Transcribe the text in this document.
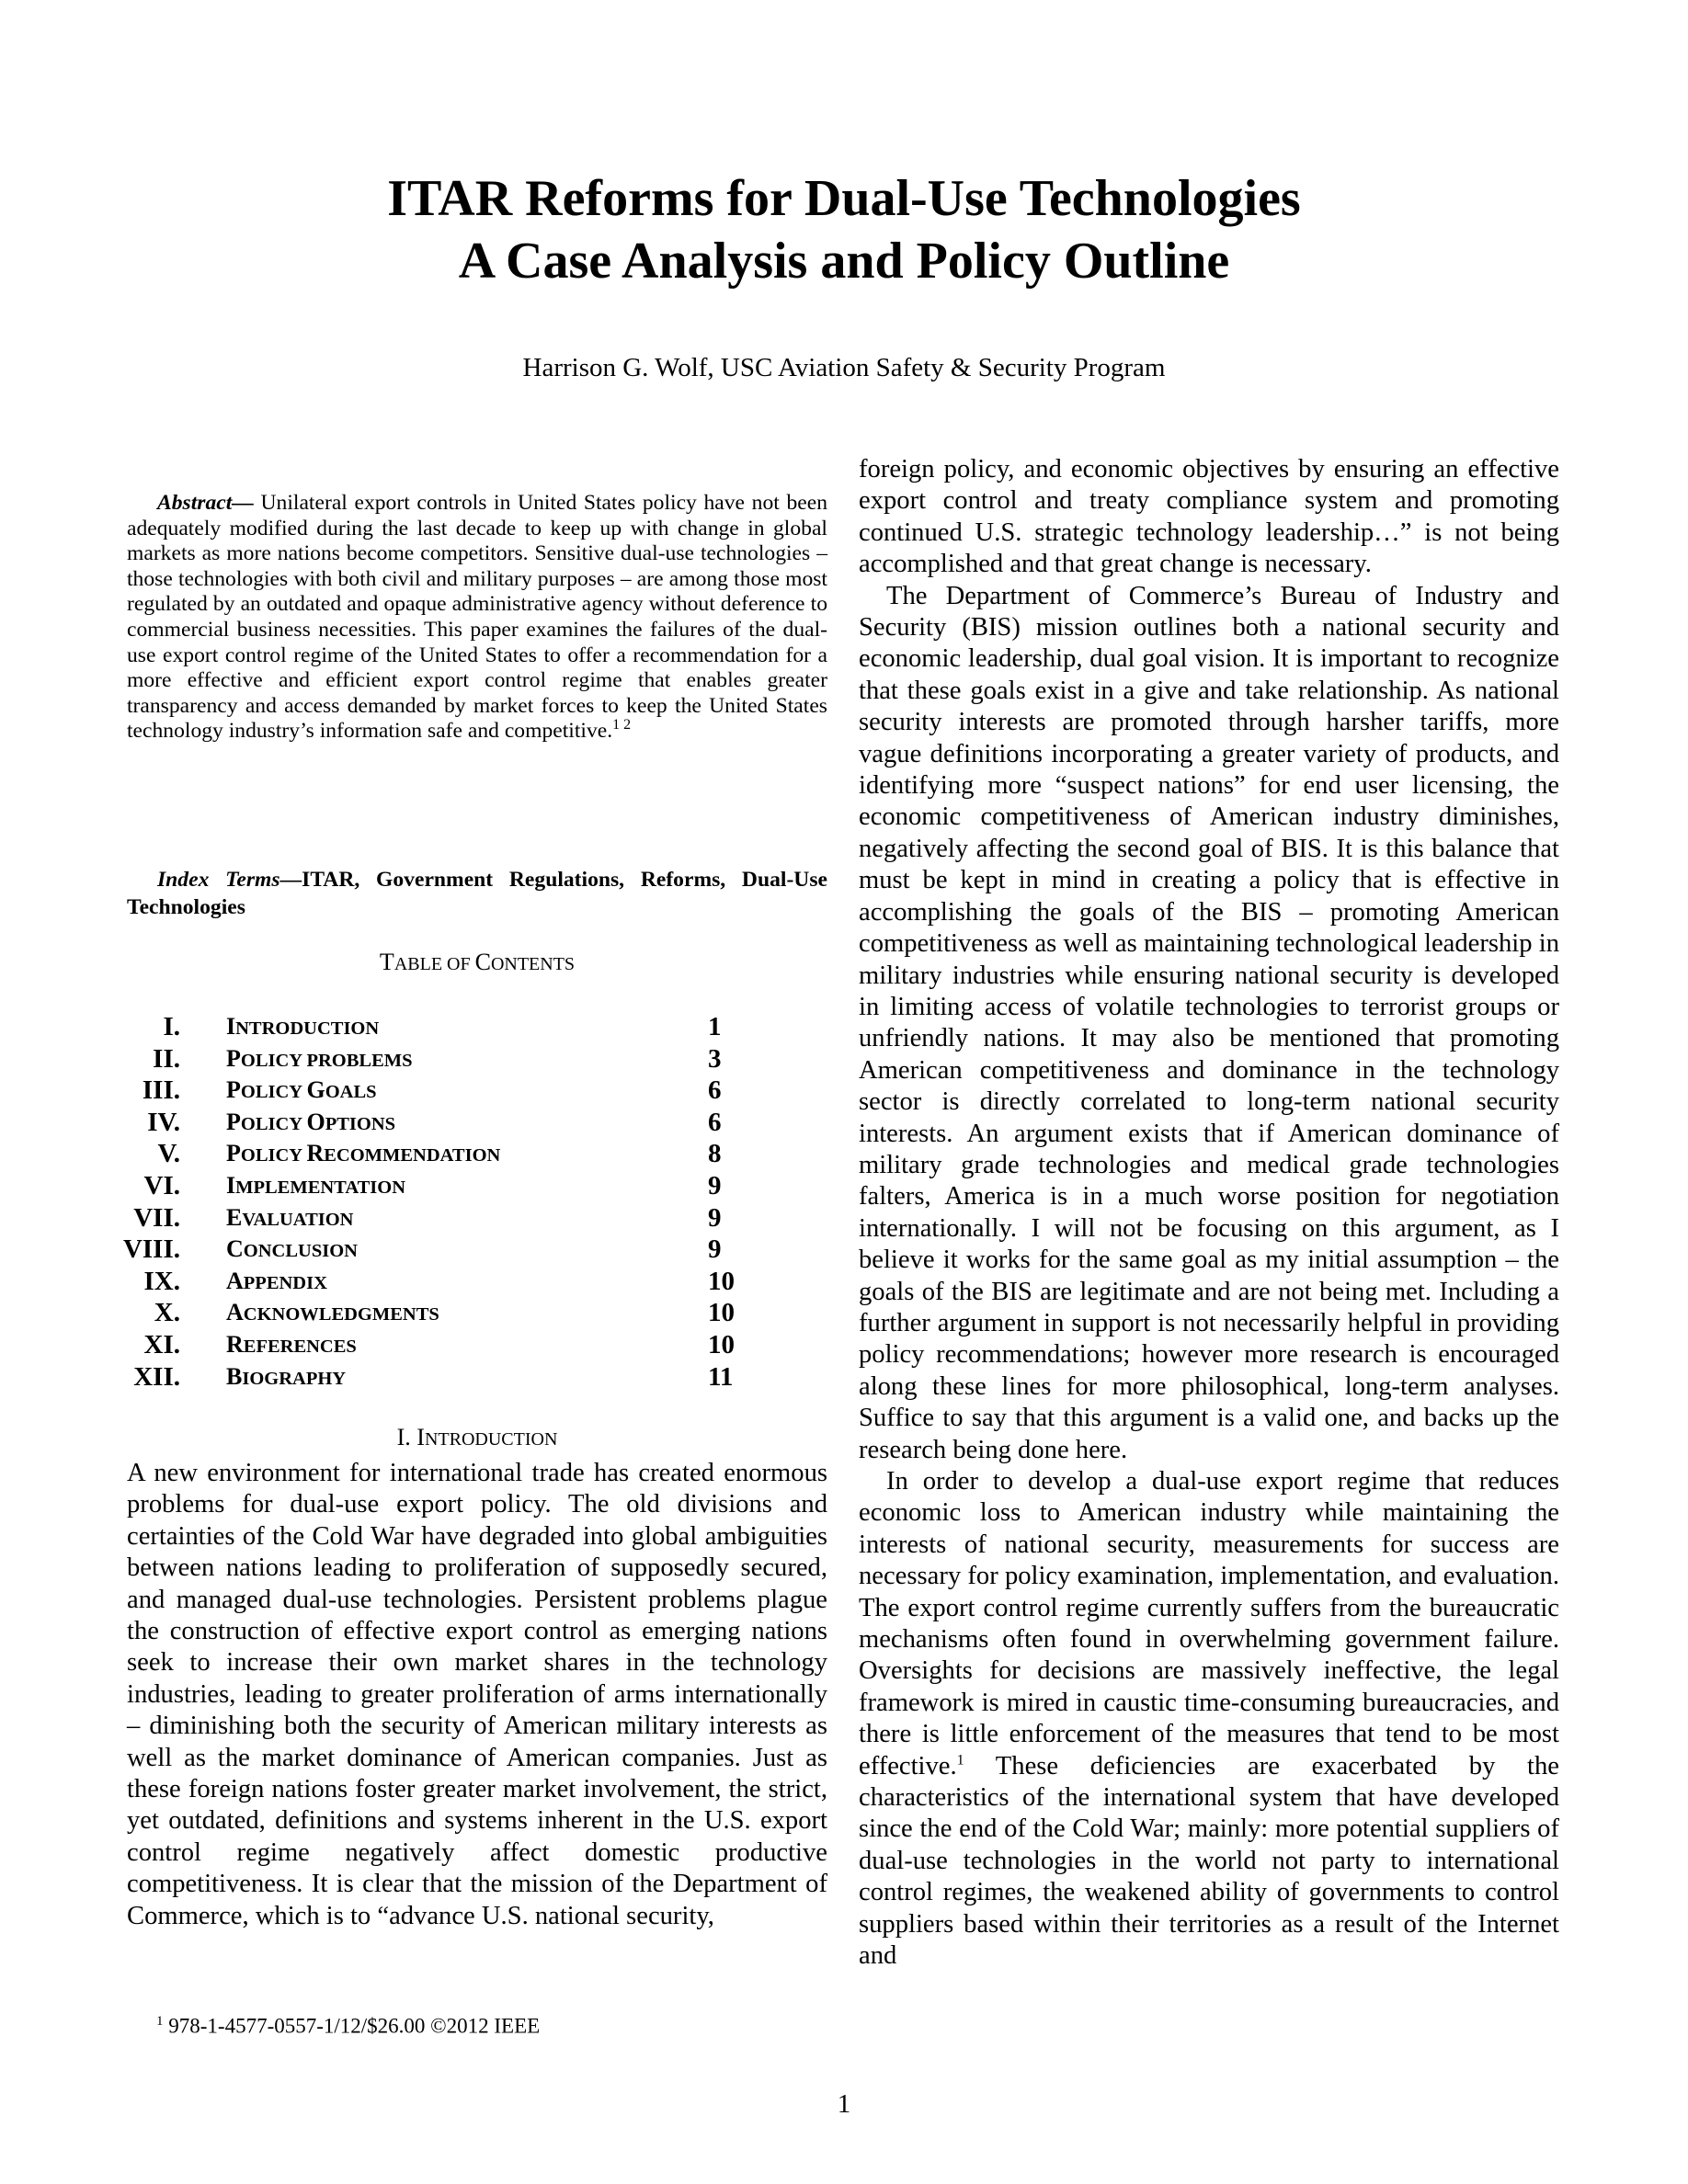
ITAR Reforms for Dual-Use Technologies
A Case Analysis and Policy Outline
Harrison G. Wolf, USC Aviation Safety & Security Program
Abstract— Unilateral export controls in United States policy have not been adequately modified during the last decade to keep up with change in global markets as more nations become competitors. Sensitive dual-use technologies – those technologies with both civil and military purposes – are among those most regulated by an outdated and opaque administrative agency without deference to commercial business necessities. This paper examines the failures of the dual-use export control regime of the United States to offer a recommendation for a more effective and efficient export control regime that enables greater transparency and access demanded by market forces to keep the United States technology industry’s information safe and competitive.$^{1 2}$
Index Terms—ITAR, Government Regulations, Reforms, Dual-Use Technologies
TABLE OF CONTENTS
I. INTRODUCTION	1
II. POLICY PROBLEMS	3
III. POLICY GOALS	6
IV. POLICY OPTIONS	6
V. POLICY RECOMMENDATION	8
VI. IMPLEMENTATION	9
VII. EVALUATION	9
VIII. CONCLUSION	9
IX. APPENDIX	10
X. ACKNOWLEDGMENTS	10
XI. REFERENCES	10
XII. BIOGRAPHY	11
I. INTRODUCTION
A new environment for international trade has created enormous problems for dual-use export policy. The old divisions and certainties of the Cold War have degraded into global ambiguities between nations leading to proliferation of supposedly secured, and managed dual-use technologies. Persistent problems plague the construction of effective export control as emerging nations seek to increase their own market shares in the technology industries, leading to greater proliferation of arms internationally – diminishing both the security of American military interests as well as the market dominance of American companies. Just as these foreign nations foster greater market involvement, the strict, yet outdated, definitions and systems inherent in the U.S. export control regime negatively affect domestic productive competitiveness. It is clear that the mission of the Department of Commerce, which is to “advance U.S. national security,
$^1$ 978-1-4577-0557-1/12/$26.00 ©2012 IEEE

foreign policy, and economic objectives by ensuring an effective export control and treaty compliance system and promoting continued U.S. strategic technology leadership…” is not being accomplished and that great change is necessary.

The Department of Commerce’s Bureau of Industry and Security (BIS) mission outlines both a national security and economic leadership, dual goal vision. It is important to recognize that these goals exist in a give and take relationship. As national security interests are promoted through harsher tariffs, more vague definitions incorporating a greater variety of products, and identifying more “suspect nations” for end user licensing, the economic competitiveness of American industry diminishes, negatively affecting the second goal of BIS. It is this balance that must be kept in mind in creating a policy that is effective in accomplishing the goals of the BIS – promoting American competitiveness as well as maintaining technological leadership in military industries while ensuring national security is developed in limiting access of volatile technologies to terrorist groups or unfriendly nations. It may also be mentioned that promoting American competitiveness and dominance in the technology sector is directly correlated to long-term national security interests. An argument exists that if American dominance of military grade technologies and medical grade technologies falters, America is in a much worse position for negotiation internationally. I will not be focusing on this argument, as I believe it works for the same goal as my initial assumption – the goals of the BIS are legitimate and are not being met. Including a further argument in support is not necessarily helpful in providing policy recommendations; however more research is encouraged along these lines for more philosophical, long-term analyses. Suffice to say that this argument is a valid one, and backs up the research being done here.

In order to develop a dual-use export regime that reduces economic loss to American industry while maintaining the interests of national security, measurements for success are necessary for policy examination, implementation, and evaluation. The export control regime currently suffers from the bureaucratic mechanisms often found in overwhelming government failure. Oversights for decisions are massively ineffective, the legal framework is mired in caustic time-consuming bureaucracies, and there is little enforcement of the measures that tend to be most effective.$^1$ These deficiencies are exacerbated by the characteristics of the international system that have developed since the end of the Cold War; mainly: more potential suppliers of dual-use technologies in the world not party to international control regimes, the weakened ability of governments to control suppliers based within their territories as a result of the Internet and

1
